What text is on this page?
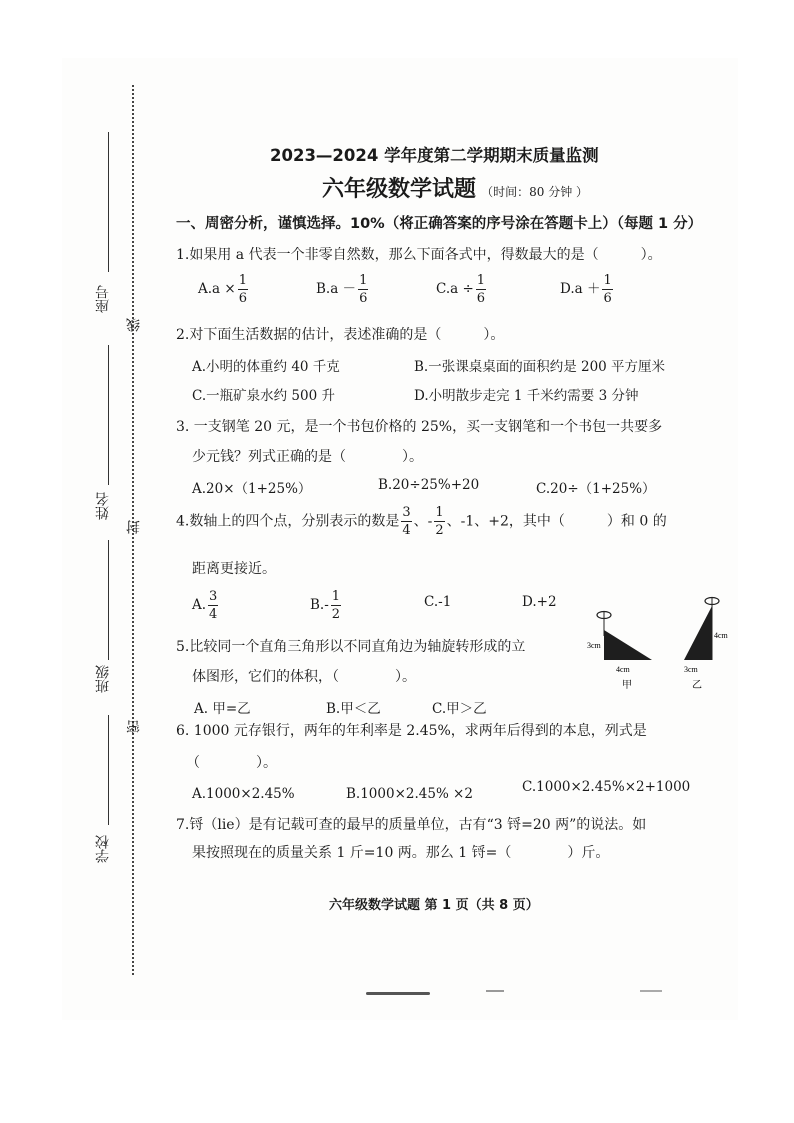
座号
姓名
班级
学校
线
封
密
2023—2024 学年度第二学期期末质量监测
六年级数学试题 （时间：80 分钟 ）
一、周密分析，谨慎选择。10%（将正确答案的序号涂在答题卡上）（每题 1 分）
1.如果用 a 代表一个非零自然数，那么下面各式中，得数最大的是（　　　）。
$A.a \times \frac{1}{6}$	$B.a - \frac{1}{6}$	$C.a \div \frac{1}{6}$	$D.a + \frac{1}{6}$
2.对下面生活数据的估计，表述准确的是（　　　）。
A.小明的体重约 40 千克	B.一张课桌桌面的面积约是 200 平方厘米
C.一瓶矿泉水约 500 升	D.小明散步走完 1 千米约需要 3 分钟
3. 一支钢笔 20 元，是一个书包价格的 25%，买一支钢笔和一个书包一共要多
少元钱？列式正确的是（　　　　）。
A.20×（1+25%）	B.20÷25%+20	C.20÷（1+25%）
4.数轴上的四个点，分别表示的数是 $\frac{3}{4}$ 、- $\frac{1}{2}$ 、-1、+2，其中（　　　）和 0 的
距离更接近。
A. $\frac{3}{4}$	$B.- \frac{1}{2}$	C.-1	D.+2
5.比较同一个直角三角形以不同直角边为轴旋转形成的立
体图形，它们的体积，（　　　　）。
A. 甲=乙	B.甲＜乙	C.甲＞乙
3cm
4cm
甲
4cm
3cm
乙
6. 1000 元存银行，两年的年利率是 2.45%，求两年后得到的本息，列式是
（　　　　）。
A.1000×2.45%	B.1000×2.45% ×2	C.1000×2.45%×2+1000
7.锊（lie）是有记载可查的最早的质量单位，古有“3 锊=20 两”的说法。如
果按照现在的质量关系 1 斤=10 两。那么 1 锊=（　　　　）斤。
六年级数学试题 第 1 页（共 8 页）
